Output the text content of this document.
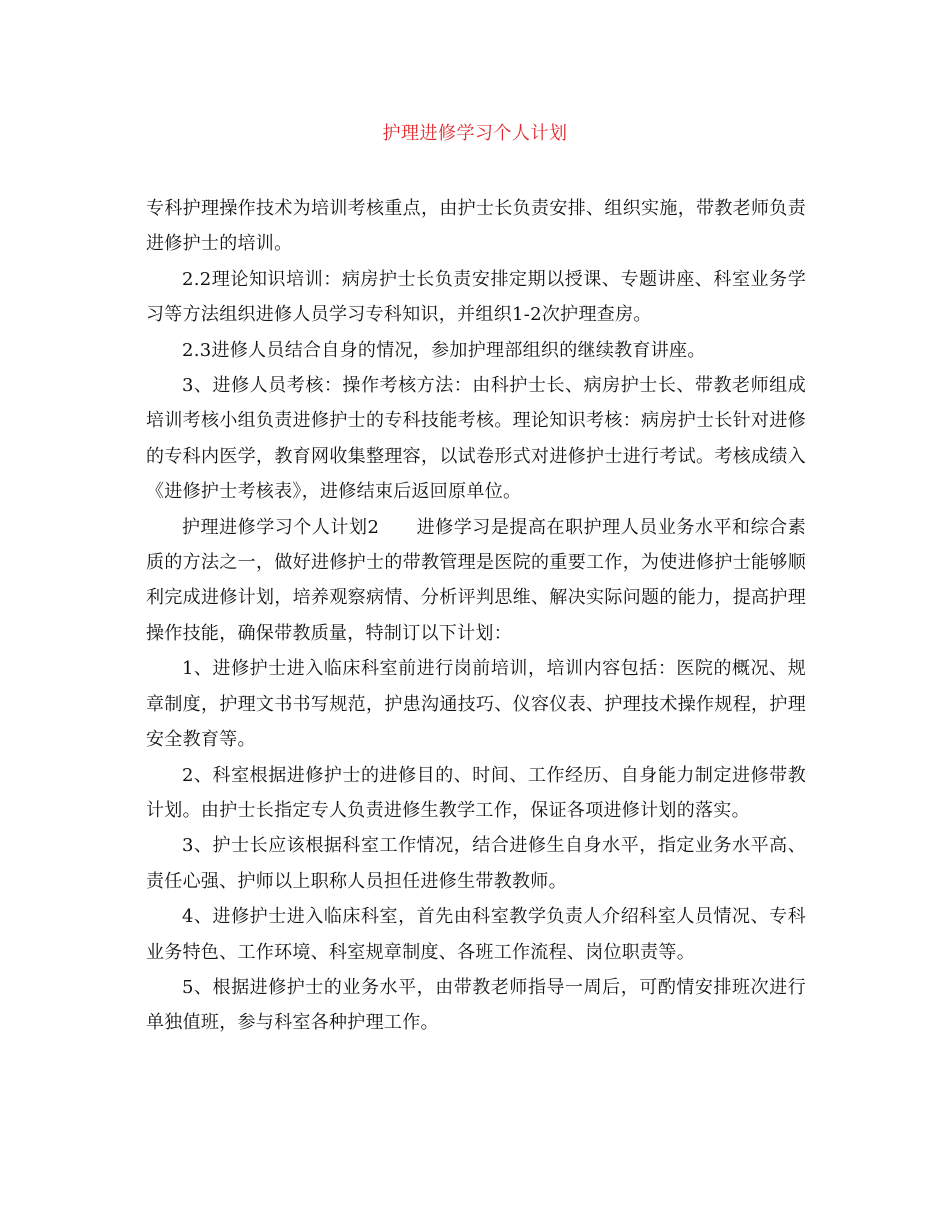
护理进修学习个人计划

专科护理操作技术为培训考核重点，由护士长负责安排、组织实施，带教老师负责进修护士的培训。

2.2理论知识培训：病房护士长负责安排定期以授课、专题讲座、科室业务学习等方法组织进修人员学习专科知识，并组织1-2次护理查房。

2.3进修人员结合自身的情况，参加护理部组织的继续教育讲座。

3、进修人员考核：操作考核方法：由科护士长、病房护士长、带教老师组成培训考核小组负责进修护士的专科技能考核。理论知识考核：病房护士长针对进修的专科内医学，教育网收集整理容，以试卷形式对进修护士进行考试。考核成绩入《进修护士考核表》，进修结束后返回原单位。

护理进修学习个人计划2　　进修学习是提高在职护理人员业务水平和综合素质的方法之一，做好进修护士的带教管理是医院的重要工作，为使进修护士能够顺利完成进修计划，培养观察病情、分析评判思维、解决实际问题的能力，提高护理操作技能，确保带教质量，特制订以下计划：

1、进修护士进入临床科室前进行岗前培训，培训内容包括：医院的概况、规章制度，护理文书书写规范，护患沟通技巧、仪容仪表、护理技术操作规程，护理安全教育等。

2、科室根据进修护士的进修目的、时间、工作经历、自身能力制定进修带教计划。由护士长指定专人负责进修生教学工作，保证各项进修计划的落实。

3、护士长应该根据科室工作情况，结合进修生自身水平，指定业务水平高、责任心强、护师以上职称人员担任进修生带教教师。

4、进修护士进入临床科室，首先由科室教学负责人介绍科室人员情况、专科业务特色、工作环境、科室规章制度、各班工作流程、岗位职责等。

5、根据进修护士的业务水平，由带教老师指导一周后，可酌情安排班次进行单独值班，参与科室各种护理工作。
